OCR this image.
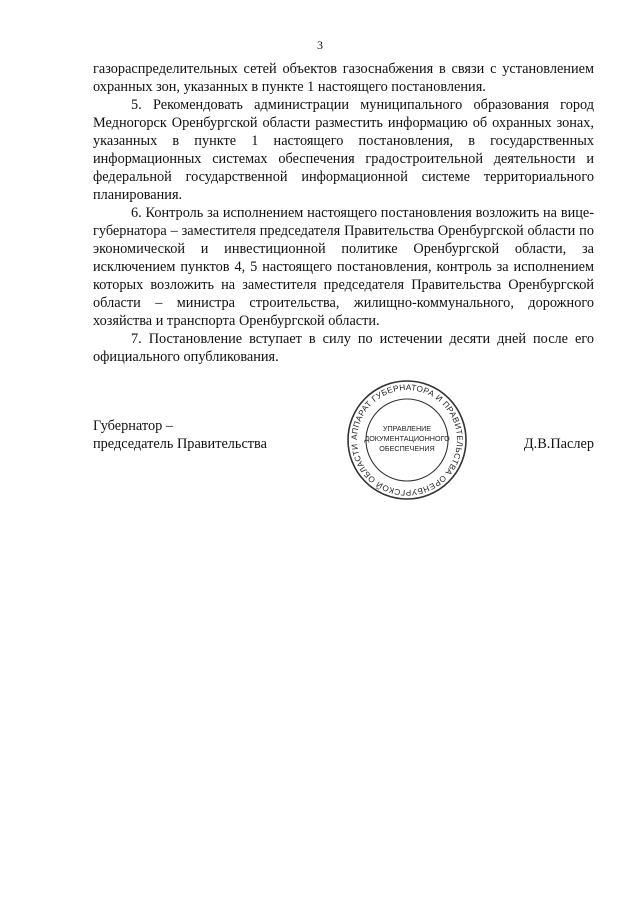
3

газораспределительных сетей объектов газоснабжения в связи с установлением охранных зон, указанных в пункте 1 настоящего постановления.

5. Рекомендовать администрации муниципального образования город Медногорск Оренбургской области разместить информацию об охранных зонах, указанных в пункте 1 настоящего постановления, в государственных информационных системах обеспечения градостроительной деятельности и федеральной государственной информационной системе территориального планирования.

6. Контроль за исполнением настоящего постановления возложить на вице-губернатора – заместителя председателя Правительства Оренбургской области по экономической и инвестиционной политике Оренбургской области, за исключением пунктов 4, 5 настоящего постановления, контроль за исполнением которых возложить на заместителя председателя Правительства Оренбургской области – министра строительства, жилищно-коммунального, дорожного хозяйства и транспорта Оренбургской области.

7. Постановление вступает в силу по истечении десяти дней после его официального опубликования.

Губернатор –
председатель Правительства	Д.В.Паслер
АППАРАТ ГУБЕРНАТОРА И ПРАВИТЕЛЬСТВА ОРЕНБУРГСКОЙ ОБЛАСТИ
УПРАВЛЕНИЕ
ДОКУМЕНТАЦИОННОГО
ОБЕСПЕЧЕНИЯ
